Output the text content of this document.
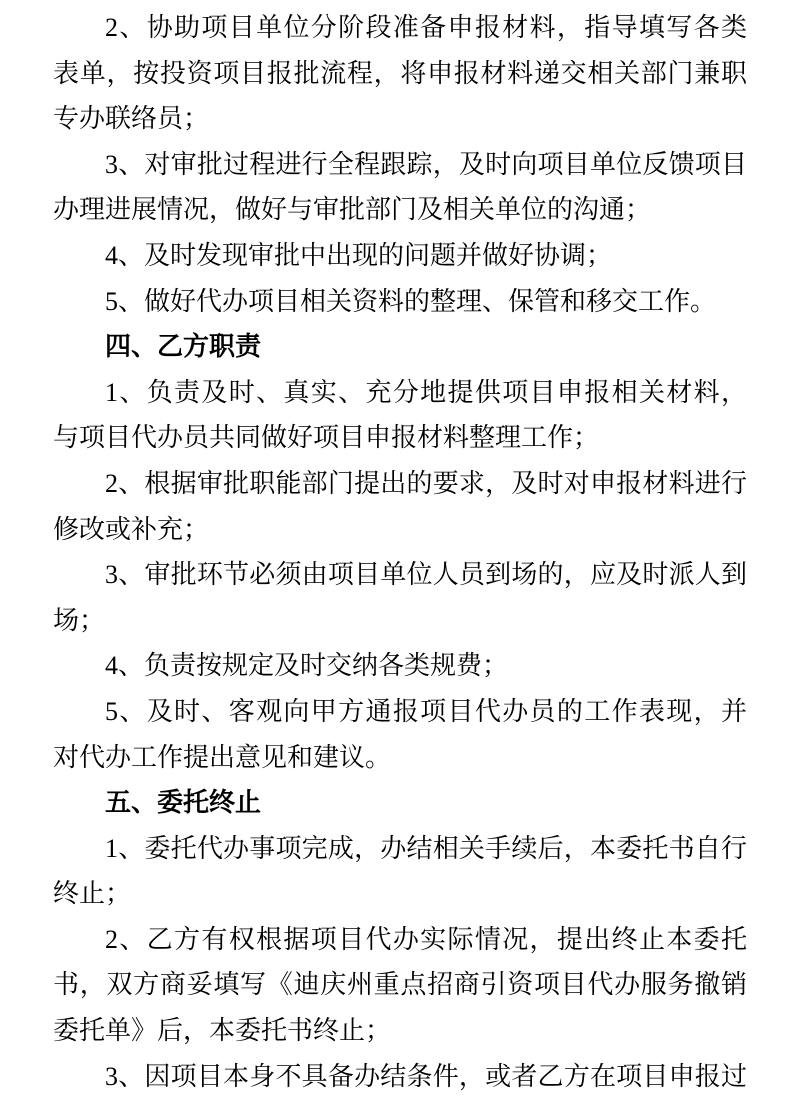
2、协助项目单位分阶段准备申报材料，指导填写各类
表单，按投资项目报批流程，将申报材料递交相关部门兼职
专办联络员；
3、对审批过程进行全程跟踪，及时向项目单位反馈项目
办理进展情况，做好与审批部门及相关单位的沟通；
4、及时发现审批中出现的问题并做好协调；
5、做好代办项目相关资料的整理、保管和移交工作。
四、乙方职责
1、负责及时、真实、充分地提供项目申报相关材料，
与项目代办员共同做好项目申报材料整理工作；
2、根据审批职能部门提出的要求，及时对申报材料进行
修改或补充；
3、审批环节必须由项目单位人员到场的，应及时派人到
场；
4、负责按规定及时交纳各类规费；
5、及时、客观向甲方通报项目代办员的工作表现，并
对代办工作提出意见和建议。
五、委托终止
1、委托代办事项完成，办结相关手续后，本委托书自行
终止；
2、乙方有权根据项目代办实际情况，提出终止本委托
书，双方商妥填写《迪庆州重点招商引资项目代办服务撤销
委托单》后，本委托书终止；
3、因项目本身不具备办结条件，或者乙方在项目申报过
